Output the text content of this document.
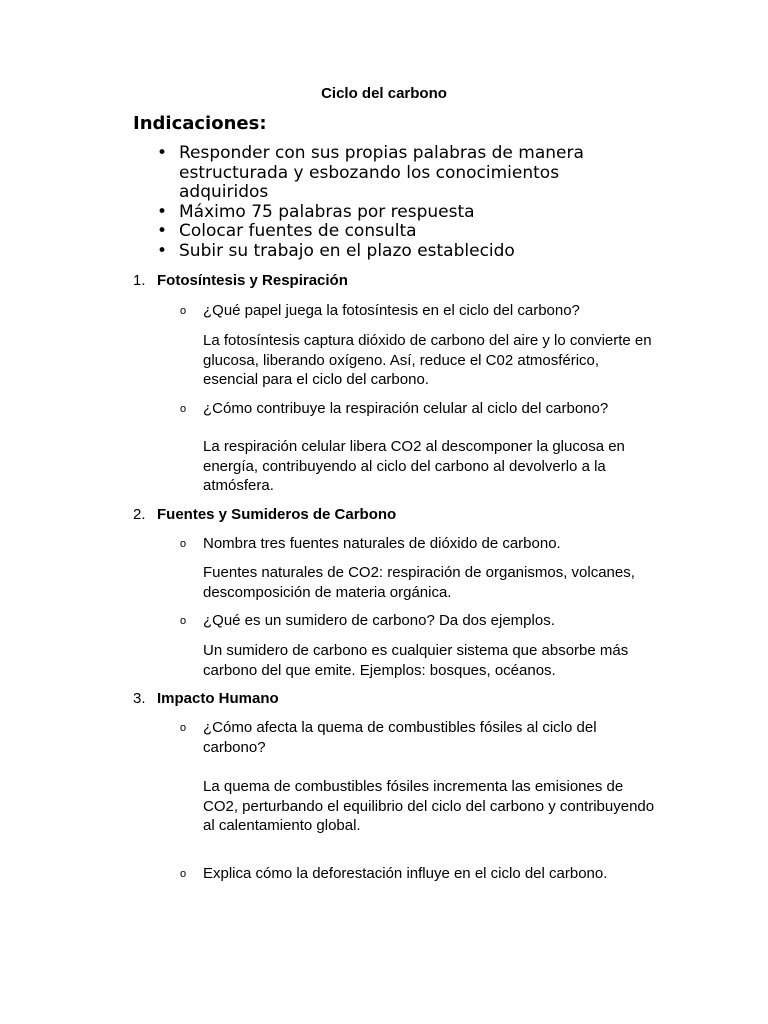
Ciclo del carbono
Indicaciones:
• Responder con sus propias palabras de manera estructurada y esbozando los conocimientos adquiridos
• Máximo 75 palabras por respuesta
• Colocar fuentes de consulta
• Subir su trabajo en el plazo establecido
1. Fotosíntesis y Respiración
o ¿Qué papel juega la fotosíntesis en el ciclo del carbono?
La fotosíntesis captura dióxido de carbono del aire y lo convierte en glucosa, liberando oxígeno. Así, reduce el C02 atmosférico, esencial para el ciclo del carbono.
o ¿Cómo contribuye la respiración celular al ciclo del carbono?
La respiración celular libera CO2 al descomponer la glucosa en energía, contribuyendo al ciclo del carbono al devolverlo a la atmósfera.
2. Fuentes y Sumideros de Carbono
o Nombra tres fuentes naturales de dióxido de carbono.
Fuentes naturales de CO2: respiración de organismos, volcanes, descomposición de materia orgánica.
o ¿Qué es un sumidero de carbono? Da dos ejemplos.
Un sumidero de carbono es cualquier sistema que absorbe más carbono del que emite. Ejemplos: bosques, océanos.
3. Impacto Humano
o ¿Cómo afecta la quema de combustibles fósiles al ciclo del carbono?
La quema de combustibles fósiles incrementa las emisiones de CO2, perturbando el equilibrio del ciclo del carbono y contribuyendo al calentamiento global.
o Explica cómo la deforestación influye en el ciclo del carbono.
